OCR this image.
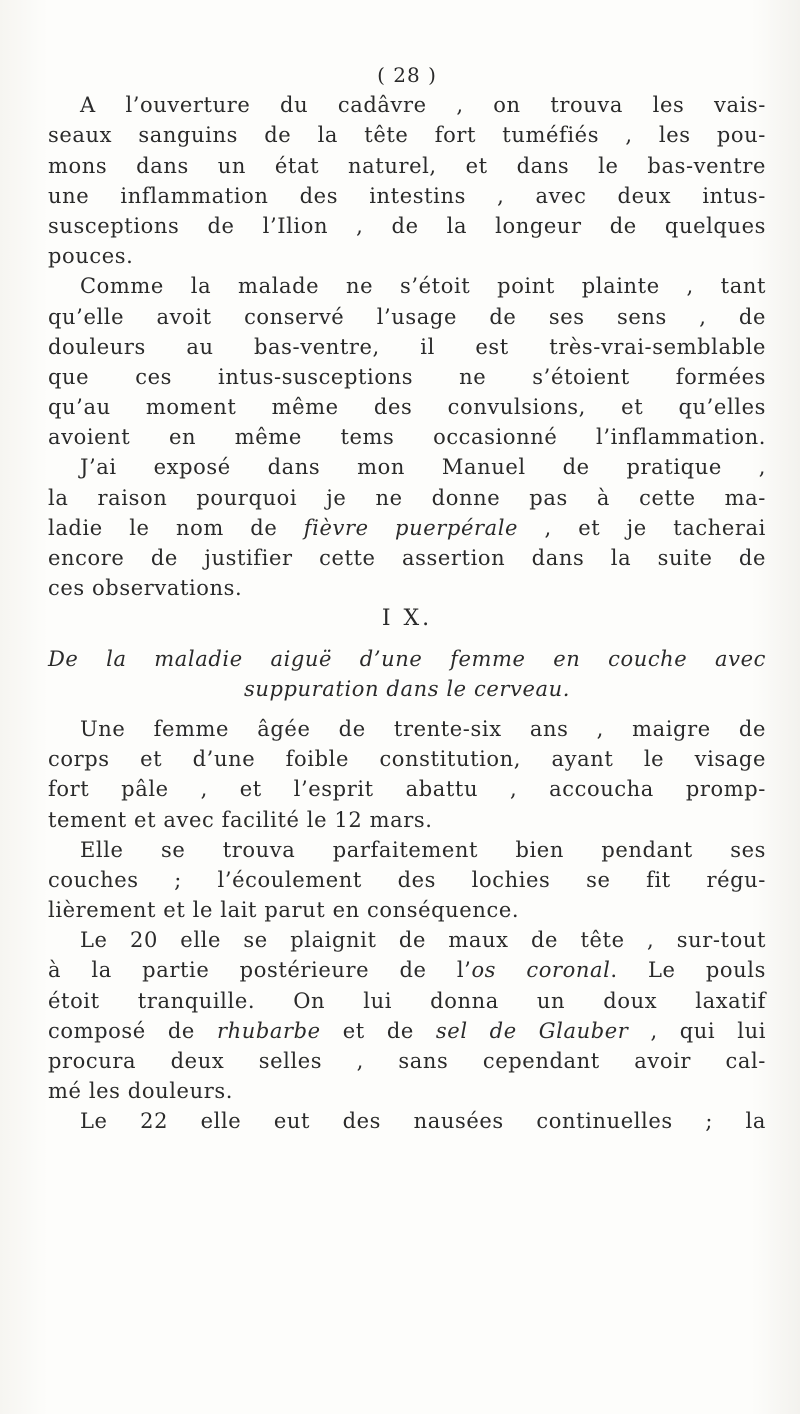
( 28 )
A l’ouverture du cadâvre , on trouva les vais-
seaux sanguins de la tête fort tuméfiés , les pou-
mons dans un état naturel, et dans le bas-ventre
une inflammation des intestins , avec deux intus-
susceptions de l’Ilion , de la longeur de quelques
pouces.
Comme la malade ne s’étoit point plainte , tant
qu’elle avoit conservé l’usage de ses sens , de
douleurs au bas-ventre, il est très-vrai-semblable
que ces intus-susceptions ne s’étoient formées
qu’au moment même des convulsions, et qu’elles
avoient en même tems occasionné l’inflammation.
J’ai exposé dans mon Manuel de pratique ,
la raison pourquoi je ne donne pas à cette ma-
ladie le nom de fièvre puerpérale , et je tacherai
encore de justifier cette assertion dans la suite de
ces observations.
I X.
De la maladie aiguë d’une femme en couche avec
suppuration dans le cerveau.
Une femme âgée de trente-six ans , maigre de
corps et d’une foible constitution, ayant le visage
fort pâle , et l’esprit abattu , accoucha promp-
tement et avec facilité le 12 mars.
Elle se trouva parfaitement bien pendant ses
couches ; l’écoulement des lochies se fit régu-
lièrement et le lait parut en conséquence.
Le 20 elle se plaignit de maux de tête , sur-tout
à la partie postérieure de l’os coronal. Le pouls
étoit tranquille. On lui donna un doux laxatif
composé de rhubarbe et de sel de Glauber , qui lui
procura deux selles , sans cependant avoir cal-
mé les douleurs.
Le 22 elle eut des nausées continuelles ; la
